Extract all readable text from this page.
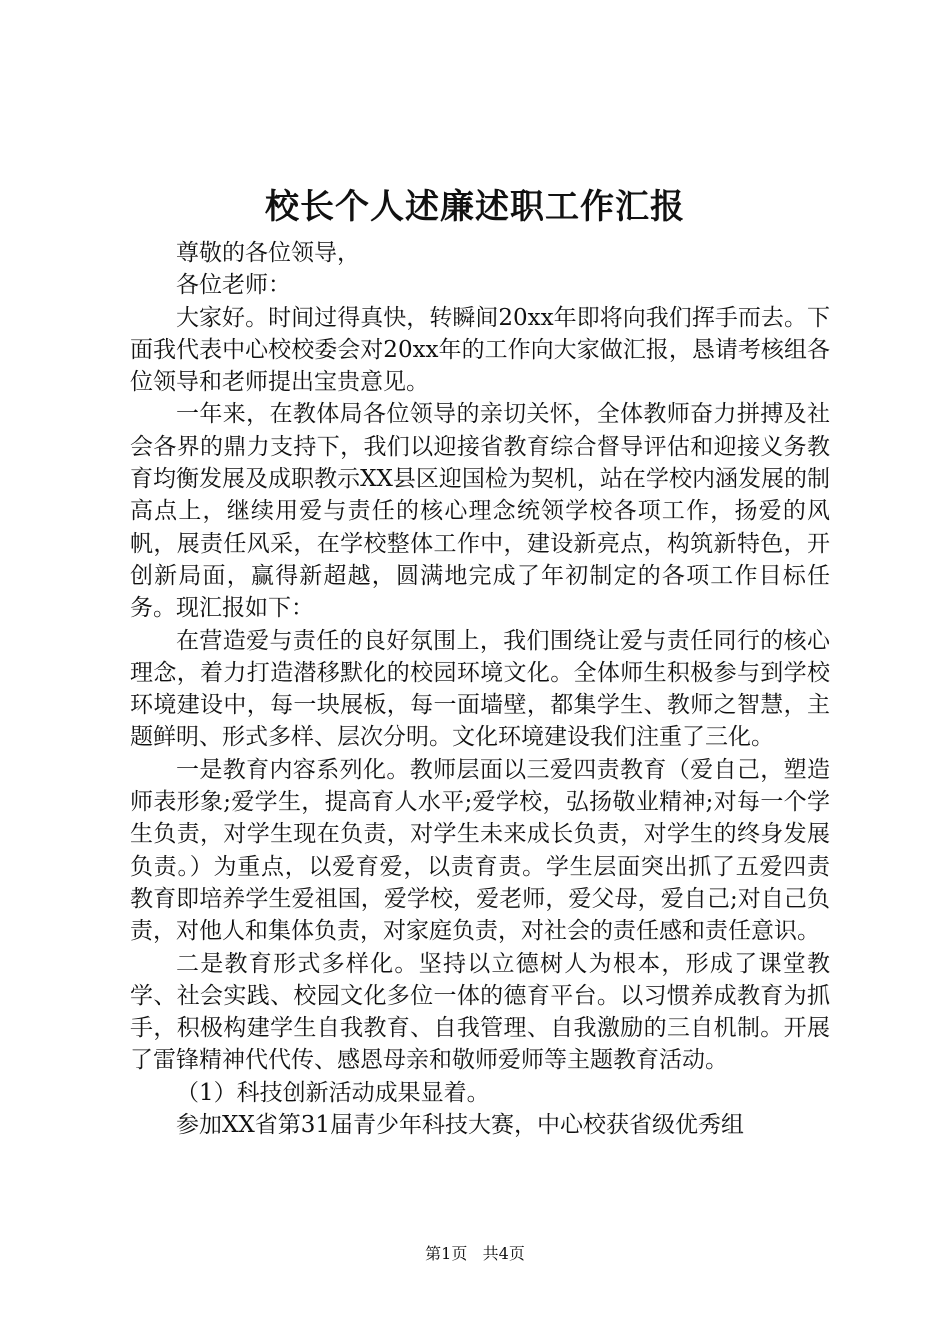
校长个人述廉述职工作汇报

尊敬的各位领导，

各位老师：

大家好。时间过得真快，转瞬间20xx年即将向我们挥手而去。下面我代表中心校校委会对20xx年的工作向大家做汇报，恳请考核组各位领导和老师提出宝贵意见。

一年来，在教体局各位领导的亲切关怀，全体教师奋力拼搏及社会各界的鼎力支持下，我们以迎接省教育综合督导评估和迎接义务教育均衡发展及成职教示XX县区迎国检为契机，站在学校内涵发展的制高点上，继续用爱与责任的核心理念统领学校各项工作，扬爱的风帆，展责任风采，在学校整体工作中，建设新亮点，构筑新特色，开创新局面，赢得新超越，圆满地完成了年初制定的各项工作目标任务。现汇报如下：

在营造爱与责任的良好氛围上，我们围绕让爱与责任同行的核心理念，着力打造潜移默化的校园环境文化。全体师生积极参与到学校环境建设中，每一块展板，每一面墙壁，都集学生、教师之智慧，主题鲜明、形式多样、层次分明。文化环境建设我们注重了三化。

一是教育内容系列化。教师层面以三爱四责教育（爱自己，塑造师表形象;爱学生，提高育人水平;爱学校，弘扬敬业精神;对每一个学生负责，对学生现在负责，对学生未来成长负责，对学生的终身发展负责。）为重点，以爱育爱，以责育责。学生层面突出抓了五爱四责教育即培养学生爱祖国，爱学校，爱老师，爱父母，爱自己;对自己负责，对他人和集体负责，对家庭负责，对社会的责任感和责任意识。

二是教育形式多样化。坚持以立德树人为根本，形成了课堂教学、社会实践、校园文化多位一体的德育平台。以习惯养成教育为抓手，积极构建学生自我教育、自我管理、自我激励的三自机制。开展了雷锋精神代代传、感恩母亲和敬师爱师等主题教育活动。

（1）科技创新活动成果显着。

参加XX省第31届青少年科技大赛，中心校获省级优秀组

第1页 共4页
